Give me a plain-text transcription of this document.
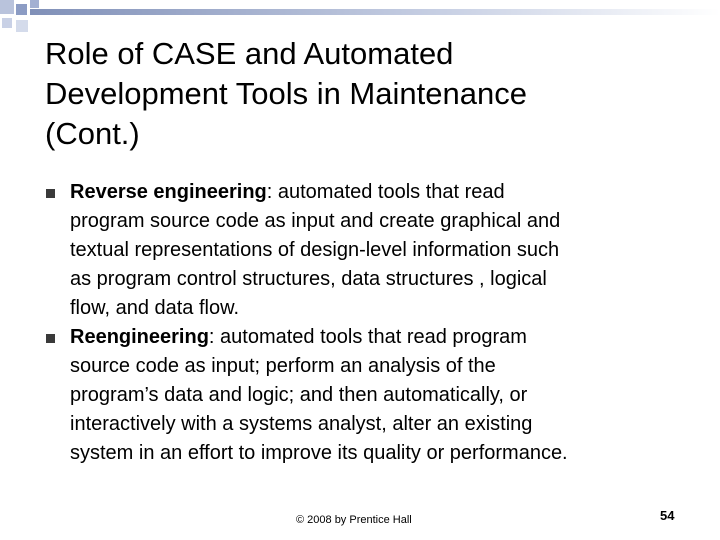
Role of CASE and Automated
Development Tools in Maintenance
(Cont.)
Reverse engineering: automated tools that read
program source code as input and create graphical and
textual representations of design-level information such
as program control structures, data structures , logical
flow, and data flow.
Reengineering: automated tools that read program
source code as input; perform an analysis of the
program’s data and logic; and then automatically, or
interactively with a systems analyst, alter an existing
system in an effort to improve its quality or performance.
© 2008 by Prentice Hall	54
